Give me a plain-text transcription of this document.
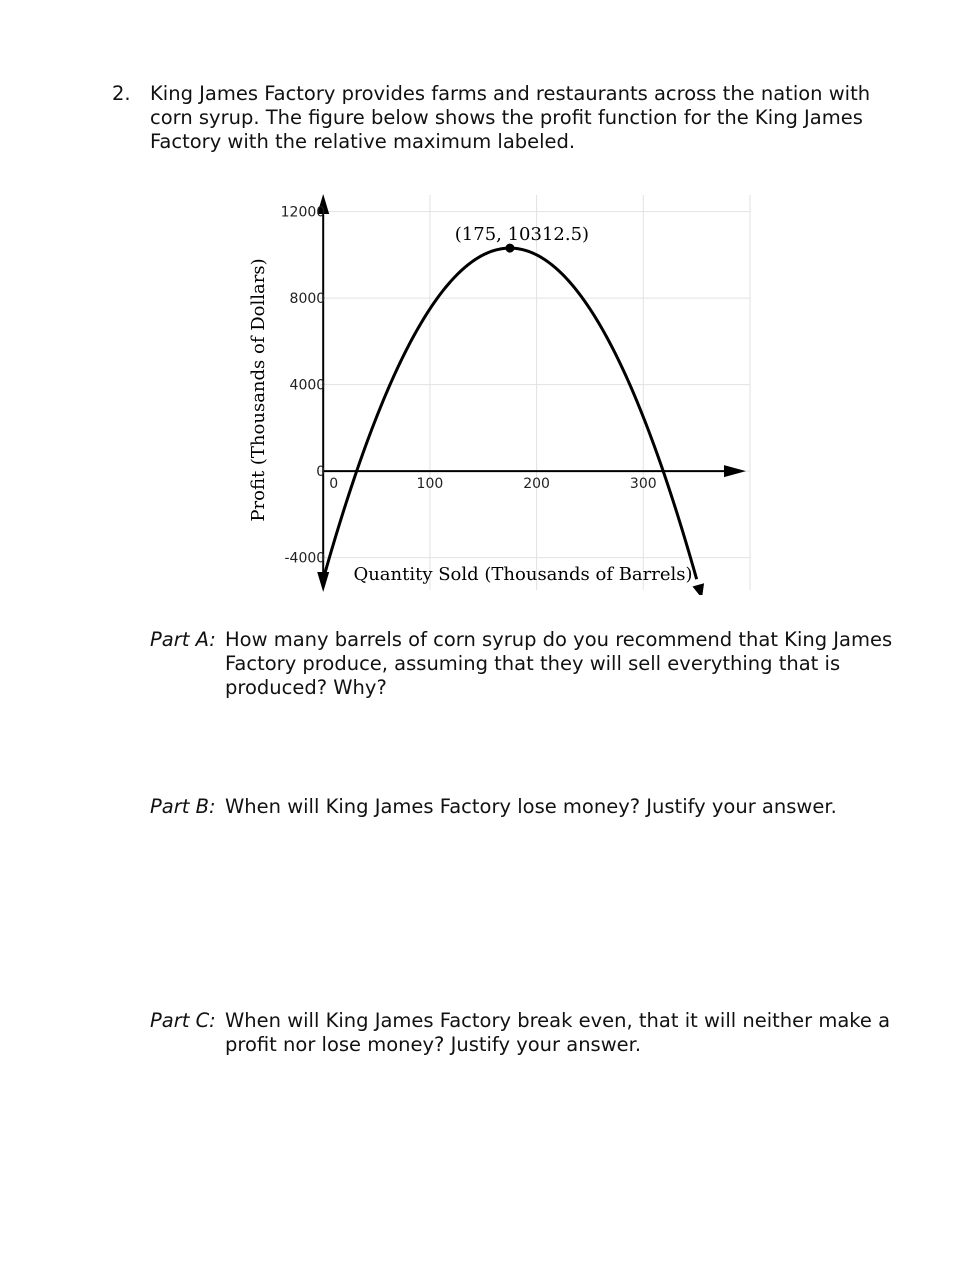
2. King James Factory provides farms and restaurants across the nation with corn syrup. The figure below shows the profit function for the King James Factory with the relative maximum labeled.
0	100	200	300
12000
8000
4000
0
-4000
(175, 10312.5)
Quantity Sold (Thousands of Barrels)
Profit (Thousands of Dollars)
Part A: How many barrels of corn syrup do you recommend that King James Factory produce, assuming that they will sell everything that is produced? Why?
Part B: When will King James Factory lose money? Justify your answer.
Part C: When will King James Factory break even, that it will neither make a profit nor lose money? Justify your answer.
